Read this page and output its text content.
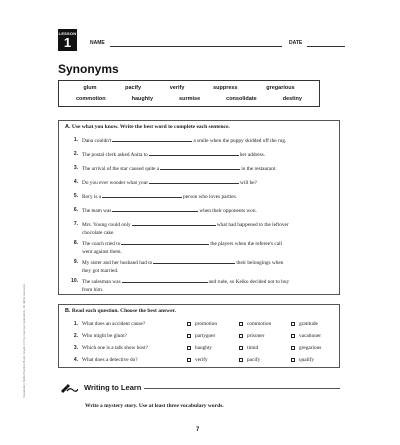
Vocabulary Skills Practice Book, Grade 3 © by Harcourt Education, All rights reserved.
LESSON
1	NAME	DATE
Synonyms
glum	pacify	verify	suppress	gregarious
commotion	haughty	surmise	consolidate	destiny
A. Use what you know. Write the best word to complete each sentence.
1. Dana couldn't	a smile when the puppy skidded off the rug.
2. The postal clerk asked Anita to	her address.
3. The arrival of the star caused quite a	in the restaurant.
4. Do you ever wonder what your	will be?
5. Rory is a	person who loves parties.
6. The team was	when their opponents won.
7. Mrs. Young could only	what had happened to the leftover
chocolate cake.
8. The coach tried to	the players when the referee's call
went against them.
9. My sister and her husband had to	their belongings when
they got married.
10. The salesman was	and rude, so Keiko decided not to buy
from him.
B. Read each question. Choose the best answer.
1. What does an accident cause?	promotion	commotion	gratitude
2. Who might be glum?	partygoer	prisoner	vacationer
3. Which one is a talk show host?	haughty	timid	gregarious
4. What does a detective do?	verify	pacify	qualify
Writing to Learn
Write a mystery story. Use at least three vocabulary words.
7
